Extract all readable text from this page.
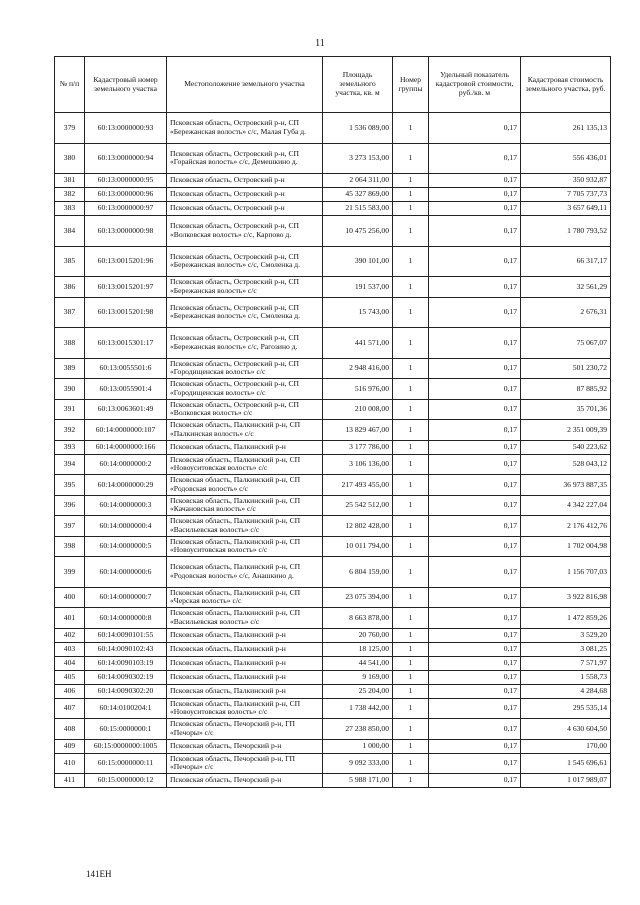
11
№ п/п	Кадастровый номер земельного участка	Местоположение земельного участка	Площадь земельного участка, кв. м	Номер группы	Удельный показатель кадастровой стоимости, руб./кв. м	Кадастровая стоимость земельного участка, руб.
379	60:13:0000000:93	Псковская область, Островский р-н, СП «Бережанская волость» с/с, Малая Губа д.	1 536 089,00	1	0,17	261 135,13
380	60:13:0000000:94	Псковская область, Островский р-н, СП «Горайская волость» с/с, Демешкино д.	3 273 153,00	1	0,17	556 436,01
381	60:13:0000000:95	Псковская область, Островский р-н	2 064 311,00	1	0,17	350 932,87
382	60:13:0000000:96	Псковская область, Островский р-н	45 327 869,00	1	0,17	7 705 737,73
383	60:13:0000000:97	Псковская область, Островский р-н	21 515 583,00	1	0,17	3 657 649,11
384	60:13:0000000:98	Псковская область, Островский р-н, СП «Волковская волость» с/с, Карпово д.	10 475 256,00	1	0,17	1 780 793,52
385	60:13:0015201:96	Псковская область, Островский р-н, СП «Бережанская волость» с/с, Смоленка д.	390 101,00	1	0,17	66 317,17
386	60:13:0015201:97	Псковская область, Островский р-н, СП «Бережанская волость» с/с	191 537,00	1	0,17	32 561,29
387	60:13:0015201:98	Псковская область, Островский р-н, СП «Бережанская волость» с/с, Смоленка д.	15 743,00	1	0,17	2 676,31
388	60:13:0015301:17	Псковская область, Островский р-н, СП «Бережанская волость» с/с, Рагозино д.	441 571,00	1	0,17	75 067,07
389	60:13:0055501:6	Псковская область, Островский р-н, СП «Городищенская волость» с/с	2 948 416,00	1	0,17	501 230,72
390	60:13:0055901:4	Псковская область, Островский р-н, СП «Городищенская волость» с/с	516 976,00	1	0,17	87 885,92
391	60:13:0063601:49	Псковская область, Островский р-н, СП «Волковская волость» с/с	210 008,00	1	0,17	35 701,36
392	60:14:0000000:107	Псковская область, Палкинский р-н, СП «Палкинская волость» с/с	13 829 467,00	1	0,17	2 351 009,39
393	60:14:0000000:166	Псковская область, Палкинский р-н	3 177 786,00	1	0,17	540 223,62
394	60:14:0000000:2	Псковская область, Палкинский р-н, СП «Новоуситовская волость» с/с	3 106 136,00	1	0,17	528 043,12
395	60:14:0000000:29	Псковская область, Палкинский р-н, СП «Родовская волость» с/с	217 493 455,00	1	0,17	36 973 887,35
396	60:14:0000000:3	Псковская область, Палкинский р-н, СП «Качановская волость» с/с	25 542 512,00	1	0,17	4 342 227,04
397	60:14:0000000:4	Псковская область, Палкинский р-н, СП «Васильевская волость» с/с	12 802 428,00	1	0,17	2 176 412,76
398	60:14:0000000:5	Псковская область, Палкинский р-н, СП «Новоуситовская волость» с/с	10 011 794,00	1	0,17	1 702 004,98
399	60:14:0000000:6	Псковская область, Палкинский р-н, СП «Родовская волость» с/с, Анашкино д.	6 804 159,00	1	0,17	1 156 707,03
400	60:14:0000000:7	Псковская область, Палкинский р-н, СП «Черская волость» с/с	23 075 394,00	1	0,17	3 922 816,98
401	60:14:0000000:8	Псковская область, Палкинский р-н, СП «Васильевская волость» с/с	8 663 878,00	1	0,17	1 472 859,26
402	60:14:0090101:55	Псковская область, Палкинский р-н	20 760,00	1	0,17	3 529,20
403	60:14:0090102:43	Псковская область, Палкинский р-н	18 125,00	1	0,17	3 081,25
404	60:14:0090103:19	Псковская область, Палкинский р-н	44 541,00	1	0,17	7 571,97
405	60:14:0090302:19	Псковская область, Палкинский р-н	9 169,00	1	0,17	1 558,73
406	60:14:0090302:20	Псковская область, Палкинский р-н	25 204,00	1	0,17	4 284,68
407	60:14:0100204:1	Псковская область, Палкинский р-н, СП «Новоуситовская волость» с/с	1 738 442,00	1	0,17	295 535,14
408	60:15:0000000:1	Псковская область, Печорский р-н, ГП «Печоры» с/с	27 238 850,00	1	0,17	4 630 604,50
409	60:15:0000000:1005	Псковская область, Печорский р-н	1 000,00	1	0,17	170,00
410	60:15:0000000:11	Псковская область, Печорский р-н, ГП «Печоры» с/с	9 092 333,00	1	0,17	1 545 696,61
411	60:15:0000000:12	Псковская область, Печорский р-н	5 988 171,00	1	0,17	1 017 989,07
141ЕН
